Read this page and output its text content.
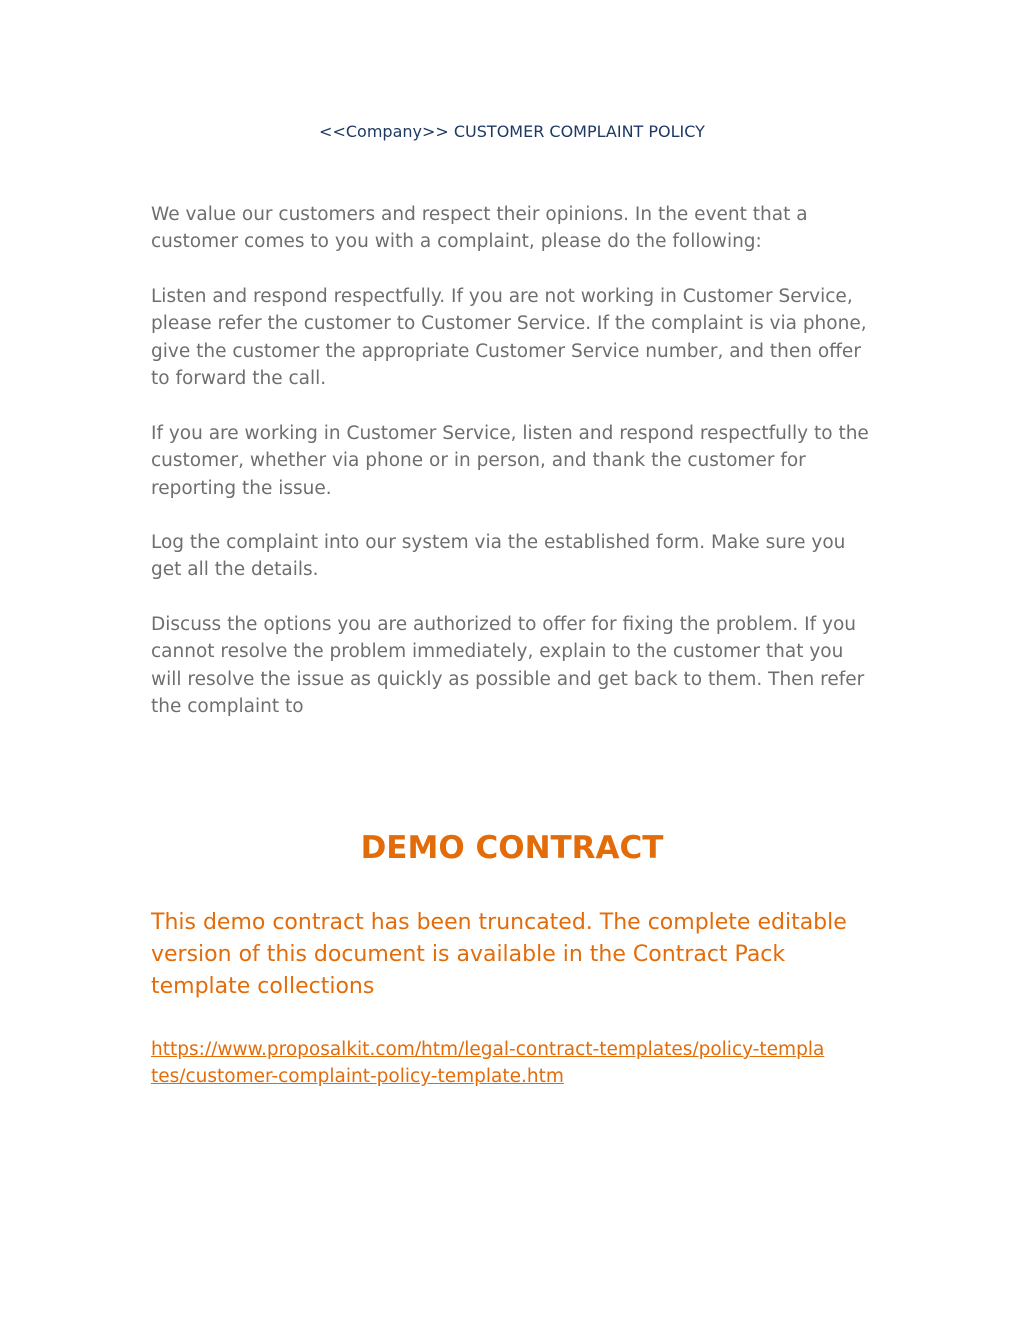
<<Company>> CUSTOMER COMPLAINT POLICY

We value our customers and respect their opinions. In the event that a customer comes to you with a complaint, please do the following:

Listen and respond respectfully. If you are not working in Customer Service, please refer the customer to Customer Service. If the complaint is via phone, give the customer the appropriate Customer Service number, and then offer to forward the call.

If you are working in Customer Service, listen and respond respectfully to the customer, whether via phone or in person, and thank the customer for reporting the issue.

Log the complaint into our system via the established form. Make sure you get all the details.

Discuss the options you are authorized to offer for fixing the problem. If you cannot resolve the problem immediately, explain to the customer that you will resolve the issue as quickly as possible and get back to them. Then refer the complaint to

DEMO CONTRACT

This demo contract has been truncated. The complete editable version of this document is available in the Contract Pack template collections

https://www.proposalkit.com/htm/legal-contract-templates/policy-templates/customer-complaint-policy-template.htm
